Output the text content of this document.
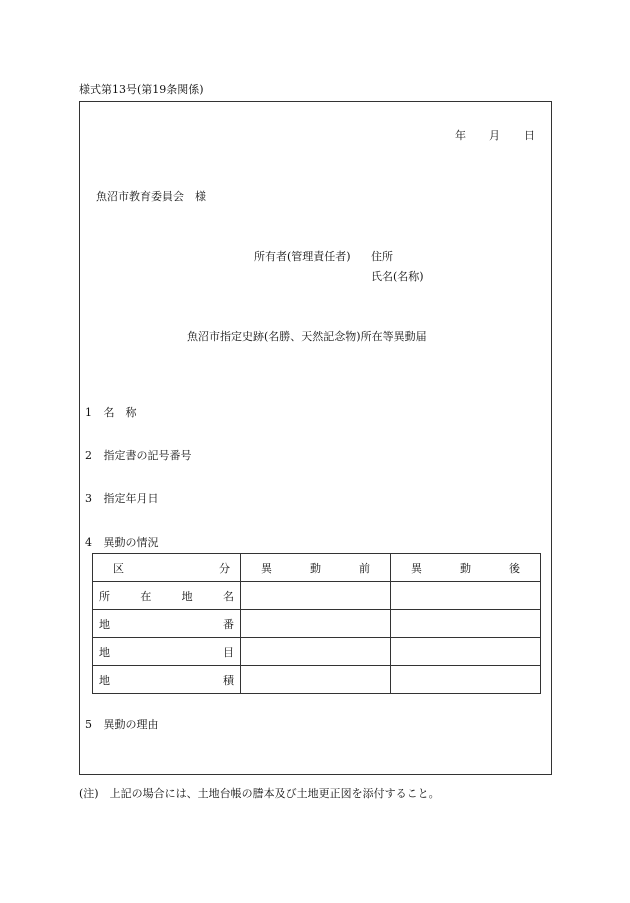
様式第13号(第19条関係)
年 月 日
魚沼市教育委員会　様
所有者(管理責任者) 住所
氏名(名称)
魚沼市指定史跡(名勝、天然記念物)所在等異動届
1 名　称
2 指定書の記号番号
3 指定年月日
4 異動の情況
区 分	異 動 前	異 動 後

所 在 地 名		

地 番		

地 目		

地 積		

5 異動の理由
(注)　上記の場合には、土地台帳の謄本及び土地更正図を添付すること。
